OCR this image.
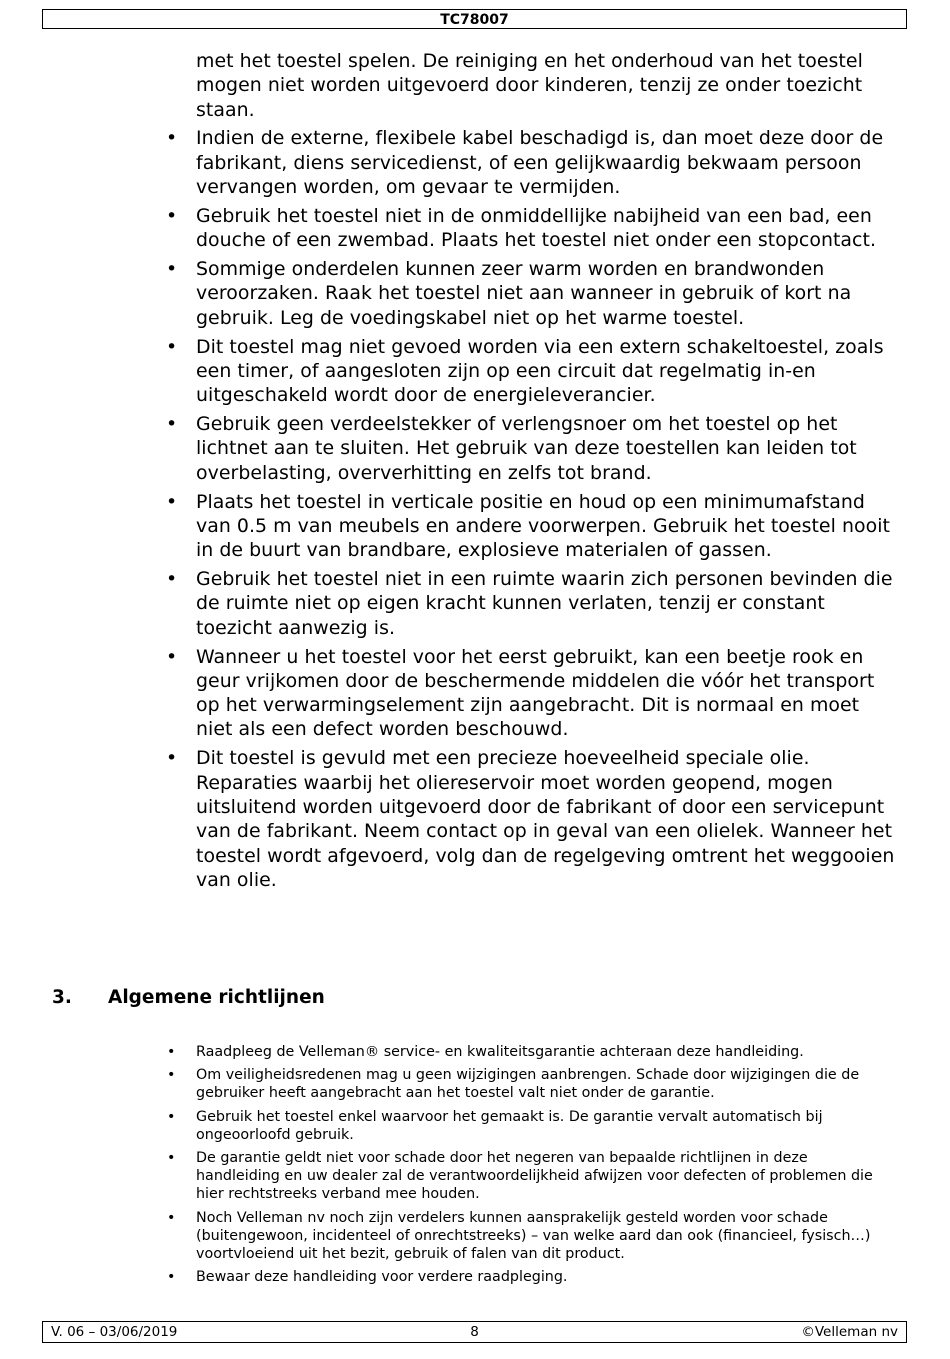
TC78007
met het toestel spelen. De reiniging en het onderhoud van het toestel mogen niet worden uitgevoerd door kinderen, tenzij ze onder toezicht staan.
• Indien de externe, flexibele kabel beschadigd is, dan moet deze door de fabrikant, diens servicedienst, of een gelijkwaardig bekwaam persoon vervangen worden, om gevaar te vermijden.
• Gebruik het toestel niet in de onmiddellijke nabijheid van een bad, een douche of een zwembad. Plaats het toestel niet onder een stopcontact.
• Sommige onderdelen kunnen zeer warm worden en brandwonden veroorzaken. Raak het toestel niet aan wanneer in gebruik of kort na gebruik. Leg de voedingskabel niet op het warme toestel.
• Dit toestel mag niet gevoed worden via een extern schakeltoestel, zoals een timer, of aangesloten zijn op een circuit dat regelmatig in-en uitgeschakeld wordt door de energieleverancier.
• Gebruik geen verdeelstekker of verlengsnoer om het toestel op het lichtnet aan te sluiten. Het gebruik van deze toestellen kan leiden tot overbelasting, oververhitting en zelfs tot brand.
• Plaats het toestel in verticale positie en houd op een minimumafstand van 0.5 m van meubels en andere voorwerpen. Gebruik het toestel nooit in de buurt van brandbare, explosieve materialen of gassen.
• Gebruik het toestel niet in een ruimte waarin zich personen bevinden die de ruimte niet op eigen kracht kunnen verlaten, tenzij er constant toezicht aanwezig is.
• Wanneer u het toestel voor het eerst gebruikt, kan een beetje rook en geur vrijkomen door de beschermende middelen die vóór het transport op het verwarmingselement zijn aangebracht. Dit is normaal en moet niet als een defect worden beschouwd.
• Dit toestel is gevuld met een precieze hoeveelheid speciale olie. Reparaties waarbij het oliereservoir moet worden geopend, mogen uitsluitend worden uitgevoerd door de fabrikant of door een servicepunt van de fabrikant. Neem contact op in geval van een olielek. Wanneer het toestel wordt afgevoerd, volg dan de regelgeving omtrent het weggooien van olie.
3. Algemene richtlijnen
• Raadpleeg de Velleman® service- en kwaliteitsgarantie achteraan deze handleiding.
• Om veiligheidsredenen mag u geen wijzigingen aanbrengen. Schade door wijzigingen die de gebruiker heeft aangebracht aan het toestel valt niet onder de garantie.
• Gebruik het toestel enkel waarvoor het gemaakt is. De garantie vervalt automatisch bij ongeoorloofd gebruik.
• De garantie geldt niet voor schade door het negeren van bepaalde richtlijnen in deze handleiding en uw dealer zal de verantwoordelijkheid afwijzen voor defecten of problemen die hier rechtstreeks verband mee houden.
• Noch Velleman nv noch zijn verdelers kunnen aansprakelijk gesteld worden voor schade (buitengewoon, incidenteel of onrechtstreeks) – van welke aard dan ook (financieel, fysisch…) voortvloeiend uit het bezit, gebruik of falen van dit product.
• Bewaar deze handleiding voor verdere raadpleging.
V. 06 – 03/06/2019	8	©Velleman nv
